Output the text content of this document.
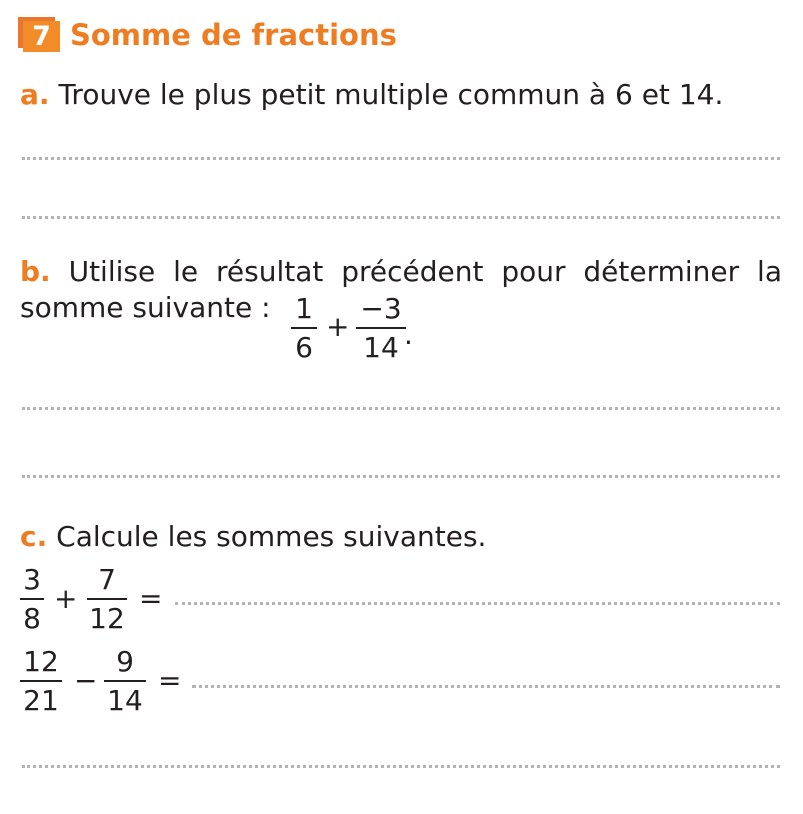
7 Somme de fractions
a. Trouve le plus petit multiple commun à 6 et 14.
b. Utilise le résultat précédent pour déterminer la somme suivante : 1
6
+
−3
14 .
c. Calcule les sommes suivantes.
3
8
+
7
12
=
12
21
−
9
14
=
